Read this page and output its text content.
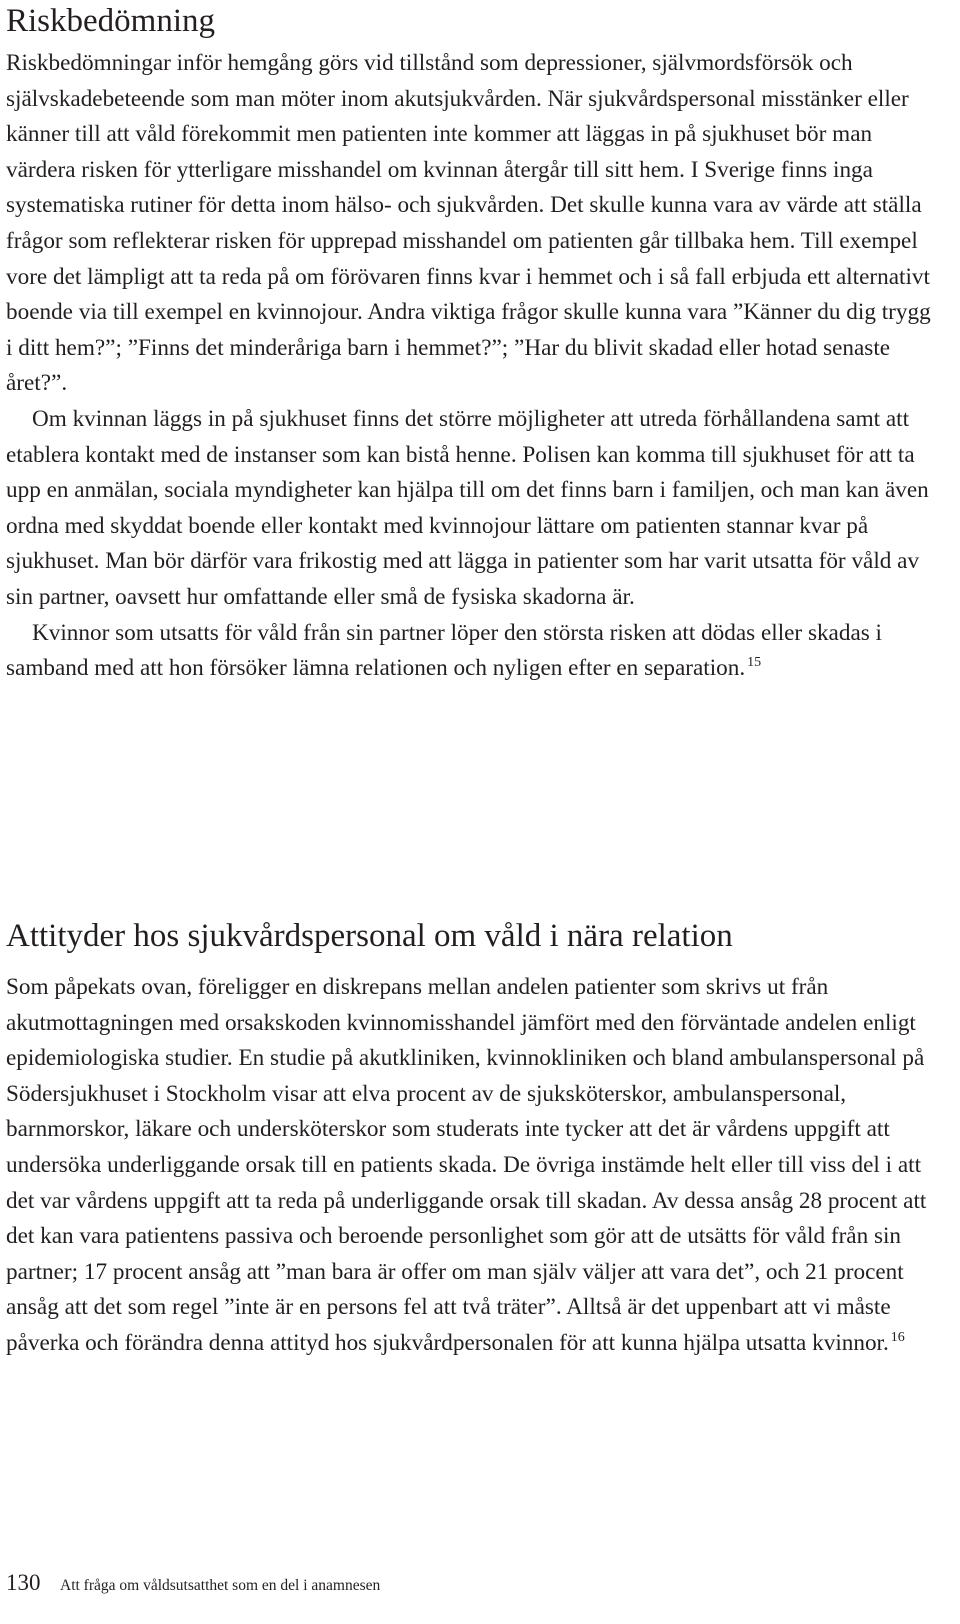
Riskbedömning

Riskbedömningar inför hemgång görs vid tillstånd som depressioner, självmordsförsök och självskadebeteende som man möter inom akutsjukvården. När sjukvårdspersonal misstänker eller känner till att våld förekommit men patienten inte kommer att läggas in på sjukhuset bör man värdera risken för ytterligare misshandel om kvinnan återgår till sitt hem. I Sverige finns inga systematiska rutiner för detta inom hälso- och sjukvården. Det skulle kunna vara av värde att ställa frågor som reflekterar risken för upprepad misshandel om patienten går tillbaka hem. Till exempel vore det lämpligt att ta reda på om förövaren finns kvar i hemmet och i så fall erbjuda ett alternativt boende via till exempel en kvinnojour. Andra viktiga frågor skulle kunna vara ”Känner du dig trygg i ditt hem?”; ”Finns det minderåriga barn i hemmet?”; ”Har du blivit skadad eller hotad senaste året?”.

Om kvinnan läggs in på sjukhuset finns det större möjligheter att utreda förhållandena samt att etablera kontakt med de instanser som kan bistå henne. Polisen kan komma till sjukhuset för att ta upp en anmälan, sociala myndigheter kan hjälpa till om det finns barn i familjen, och man kan även ordna med skyddat boende eller kontakt med kvinnojour lättare om patienten stannar kvar på sjukhuset. Man bör därför vara frikostig med att lägga in patienter som har varit utsatta för våld av sin partner, oavsett hur omfattande eller små de fysiska skadorna är.

Kvinnor som utsatts för våld från sin partner löper den största risken att dödas eller skadas i samband med att hon försöker lämna relationen och nyligen efter en separation. $^{15}$

Attityder hos sjukvårdspersonal om våld i nära relation

Som påpekats ovan, föreligger en diskrepans mellan andelen patienter som skrivs ut från akutmottagningen med orsakskoden kvinnomisshandel jämfört med den förväntade andelen enligt epidemiologiska studier. En studie på akutkliniken, kvinnokliniken och bland ambulanspersonal på Södersjukhuset i Stockholm visar att elva procent av de sjuksköterskor, ambulanspersonal, barnmorskor, läkare och undersköterskor som studerats inte tycker att det är vårdens uppgift att undersöka underliggande orsak till en patients skada. De övriga instämde helt eller till viss del i att det var vårdens uppgift att ta reda på underliggande orsak till skadan. Av dessa ansåg 28 procent att det kan vara patientens passiva och beroende personlighet som gör att de utsätts för våld från sin partner; 17 procent ansåg att ”man bara är offer om man själv väljer att vara det”, och 21 procent ansåg att det som regel ”inte är en persons fel att två träter”. Alltså är det uppenbart att vi måste påverka och förändra denna attityd hos sjukvårdpersonalen för att kunna hjälpa utsatta kvinnor. $^{16}$

130	Att fråga om våldsutsatthet som en del i anamnesen
